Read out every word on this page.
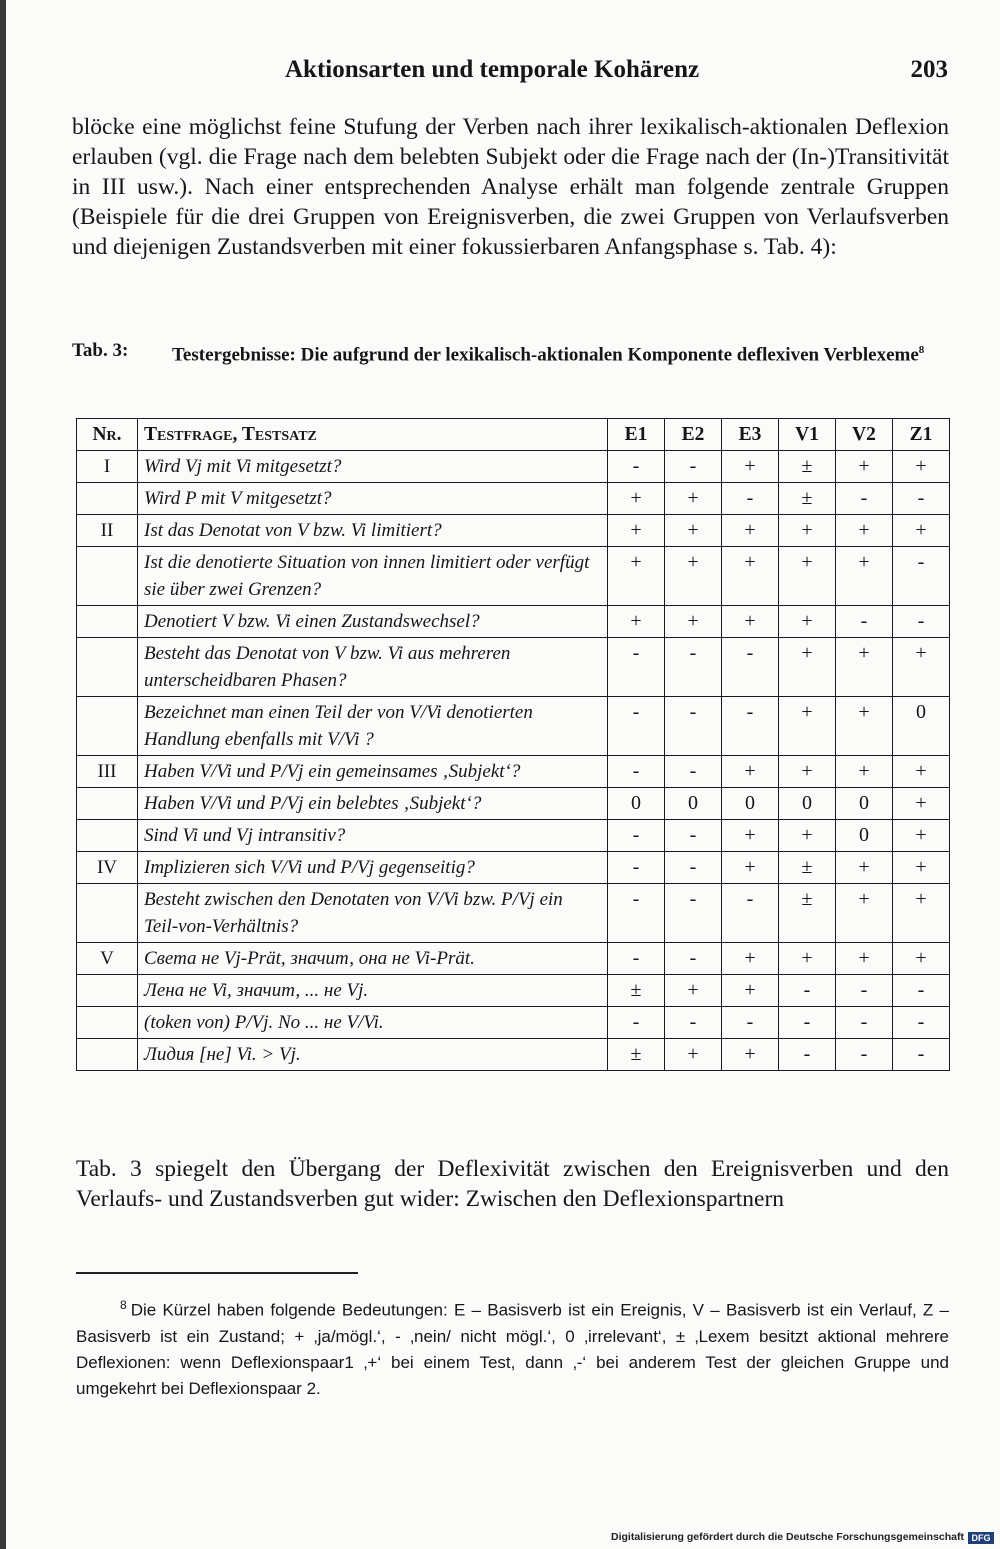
Aktionsarten und temporale Kohärenz	203
blöcke eine möglichst feine Stufung der Verben nach ihrer lexikalisch-aktionalen Deflexion erlauben (vgl. die Frage nach dem belebten Subjekt oder die Frage nach der (In-)Transitivität in III usw.). Nach einer entsprechenden Analyse erhält man folgende zentrale Gruppen (Beispiele für die drei Gruppen von Ereignisverben, die zwei Gruppen von Verlaufsverben und diejenigen Zustandsverben mit einer fokussierbaren Anfangsphase s. Tab. 4):
Tab. 3: Testergebnisse: Die aufgrund der lexikalisch-aktionalen Komponente deflexiven Verblexeme$^8$
Nr.	Testfrage, Testsatz	E1	E2	E3	V1	V2	Z1
I	Wird Vj mit Vi mitgesetzt?	-	-	+	±	+	+
	Wird P mit V mitgesetzt?	+	+	-	±	-	-
II	Ist das Denotat von V bzw. Vi limitiert?	+	+	+	+	+	+
	Ist die denotierte Situation von innen limitiert oder verfügt sie über zwei Grenzen?	+	+	+	+	+	-
	Denotiert V bzw. Vi einen Zustandswechsel?	+	+	+	+	-	-
	Besteht das Denotat von V bzw. Vi aus mehreren unterscheidbaren Phasen?	-	-	-	+	+	+
	Bezeichnet man einen Teil der von V/Vi denotierten Handlung ebenfalls mit V/Vi ?	-	-	-	+	+	0
III	Haben V/Vi und P/Vj ein gemeinsames ‚Subjekt‘?	-	-	+	+	+	+
	Haben V/Vi und P/Vj ein belebtes ‚Subjekt‘?	0	0	0	0	0	+
	Sind Vi und Vj intransitiv?	-	-	+	+	0	+
IV	Implizieren sich V/Vi und P/Vj gegenseitig?	-	-	+	±	+	+
	Besteht zwischen den Denotaten von V/Vi bzw. P/Vj ein Teil-von-Verhältnis?	-	-	-	±	+	+
V	Света не Vj-Prät, значит, она не Vi-Prät.	-	-	+	+	+	+
	Лена не Vi, значит, ... не Vj.	±	+	+	-	-	-
	(token von) P/Vj. No ... не V/Vi.	-	-	-	-	-	-
	Лидия [не] Vi. > Vj.	±	+	+	-	-	-
Tab. 3 spiegelt den Übergang der Deflexivität zwischen den Ereignisverben und den Verlaufs- und Zustandsverben gut wider: Zwischen den Deflexionspartnern
$^8$ Die Kürzel haben folgende Bedeutungen: E – Basisverb ist ein Ereignis, V – Basisverb ist ein Verlauf, Z – Basisverb ist ein Zustand; + ‚ja/mögl.‘, - ‚nein/ nicht mögl.‘, 0 ‚irrelevant‘, ± ‚Lexem besitzt aktional mehrere Deflexionen: wenn Deflexionspaar1 ‚+‘ bei einem Test, dann ‚-‘ bei anderem Test der gleichen Gruppe und umgekehrt bei Deflexionspaar 2.
Digitalisierung gefördert durch die Deutsche Forschungsgemeinschaft DFG
